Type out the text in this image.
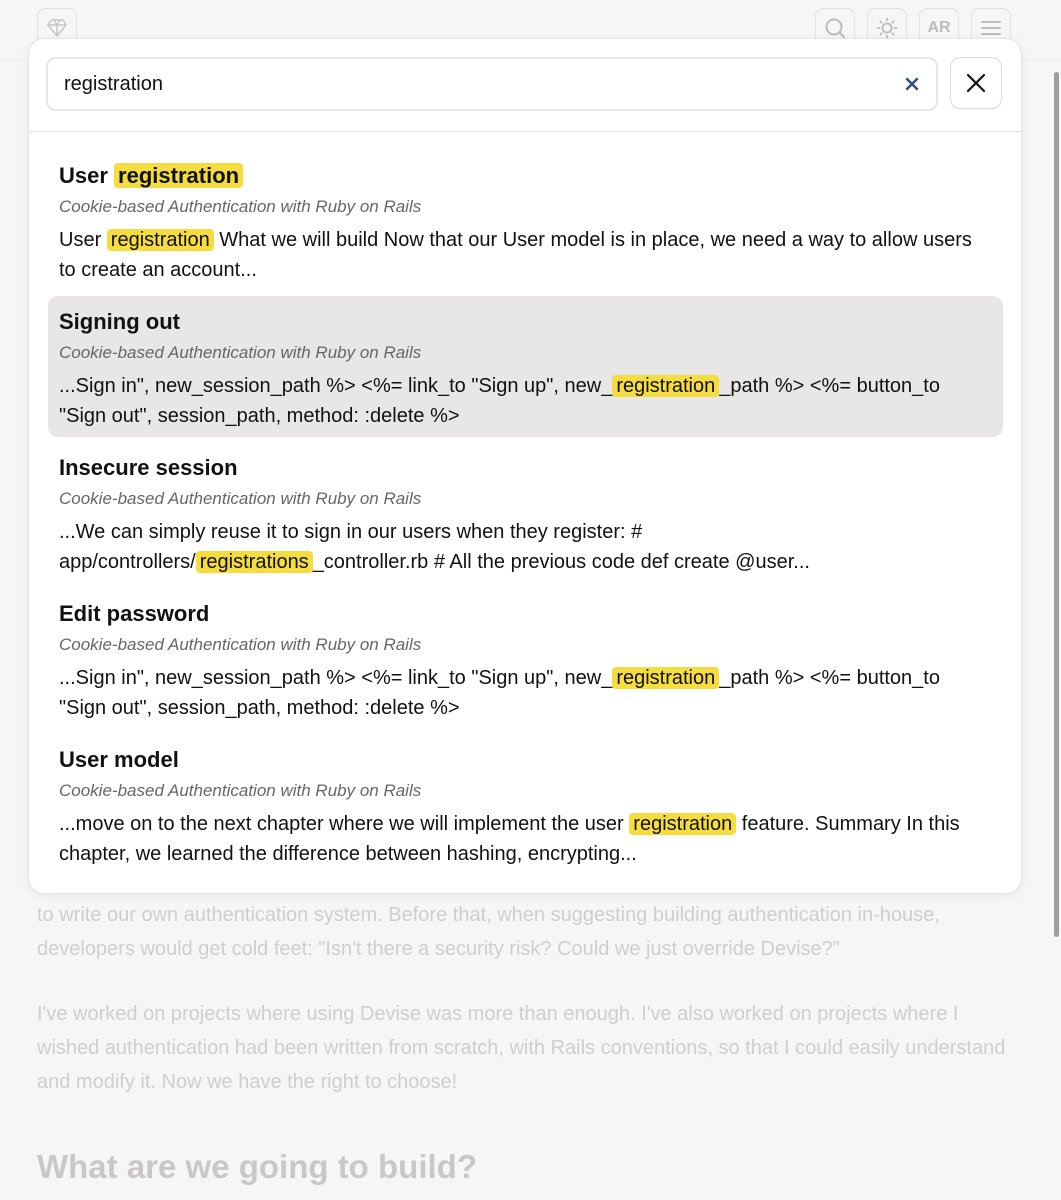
AR

to write our own authentication system. Before that, when suggesting building authentication in-house, developers would get cold feet: "Isn't there a security risk? Could we just override Devise?"

I've worked on projects where using Devise was more than enough. I've also worked on projects where I wished authentication had been written from scratch, with Rails conventions, so that I could easily understand and modify it. Now we have the right to choose!

What are we going to build?
registration

User registration

Cookie-based Authentication with Ruby on Rails

User registration What we will build Now that our User model is in place, we need a way to allow users to create an account...

Signing out

Cookie-based Authentication with Ruby on Rails

...Sign in", new_session_path %> <%= link_to "Sign up", new_ registration _path %> <%= button_to "Sign out", session_path, method: :delete %>

Insecure session

Cookie-based Authentication with Ruby on Rails

...We can simply reuse it to sign in our users when they register: # app/controllers/ registrations _controller.rb # All the previous code def create @user...

Edit password

Cookie-based Authentication with Ruby on Rails

...Sign in", new_session_path %> <%= link_to "Sign up", new_ registration _path %> <%= button_to "Sign out", session_path, method: :delete %>

User model

Cookie-based Authentication with Ruby on Rails

...move on to the next chapter where we will implement the user registration feature. Summary In this chapter, we learned the difference between hashing, encrypting...
